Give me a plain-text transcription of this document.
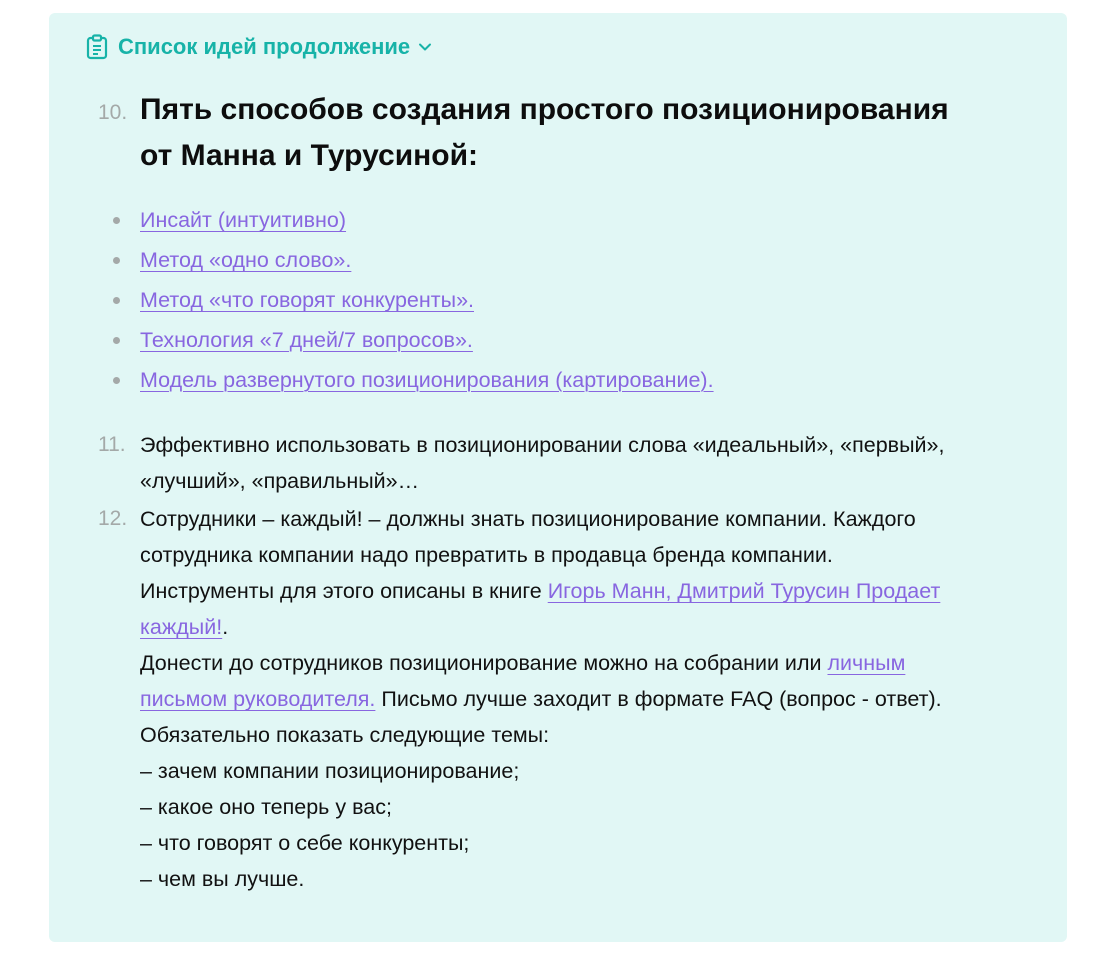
Список идей продолжение
10. Пять способов создания простого позиционирования
от Манна и Турусиной:
Инсайт (интуитивно)
Метод «одно слово».
Метод «что говорят конкуренты».
Технология «7 дней/7 вопросов».
Модель развернутого позиционирования (картирование).
11. Эффективно использовать в позиционировании слова «идеальный», «первый»,
«лучший», «правильный»…
12. Сотрудники – каждый! – должны знать позиционирование компании. Каждого
сотрудника компании надо превратить в продавца бренда компании.
Инструменты для этого описаны в книге Игорь Манн, Дмитрий Турусин Продает
каждый!.
Донести до сотрудников позиционирование можно на собрании или личным
письмом руководителя. Письмо лучше заходит в формате FAQ (вопрос - ответ).
Обязательно показать следующие темы:
– зачем компании позиционирование;
– какое оно теперь у вас;
– что говорят о себе конкуренты;
– чем вы лучше.
